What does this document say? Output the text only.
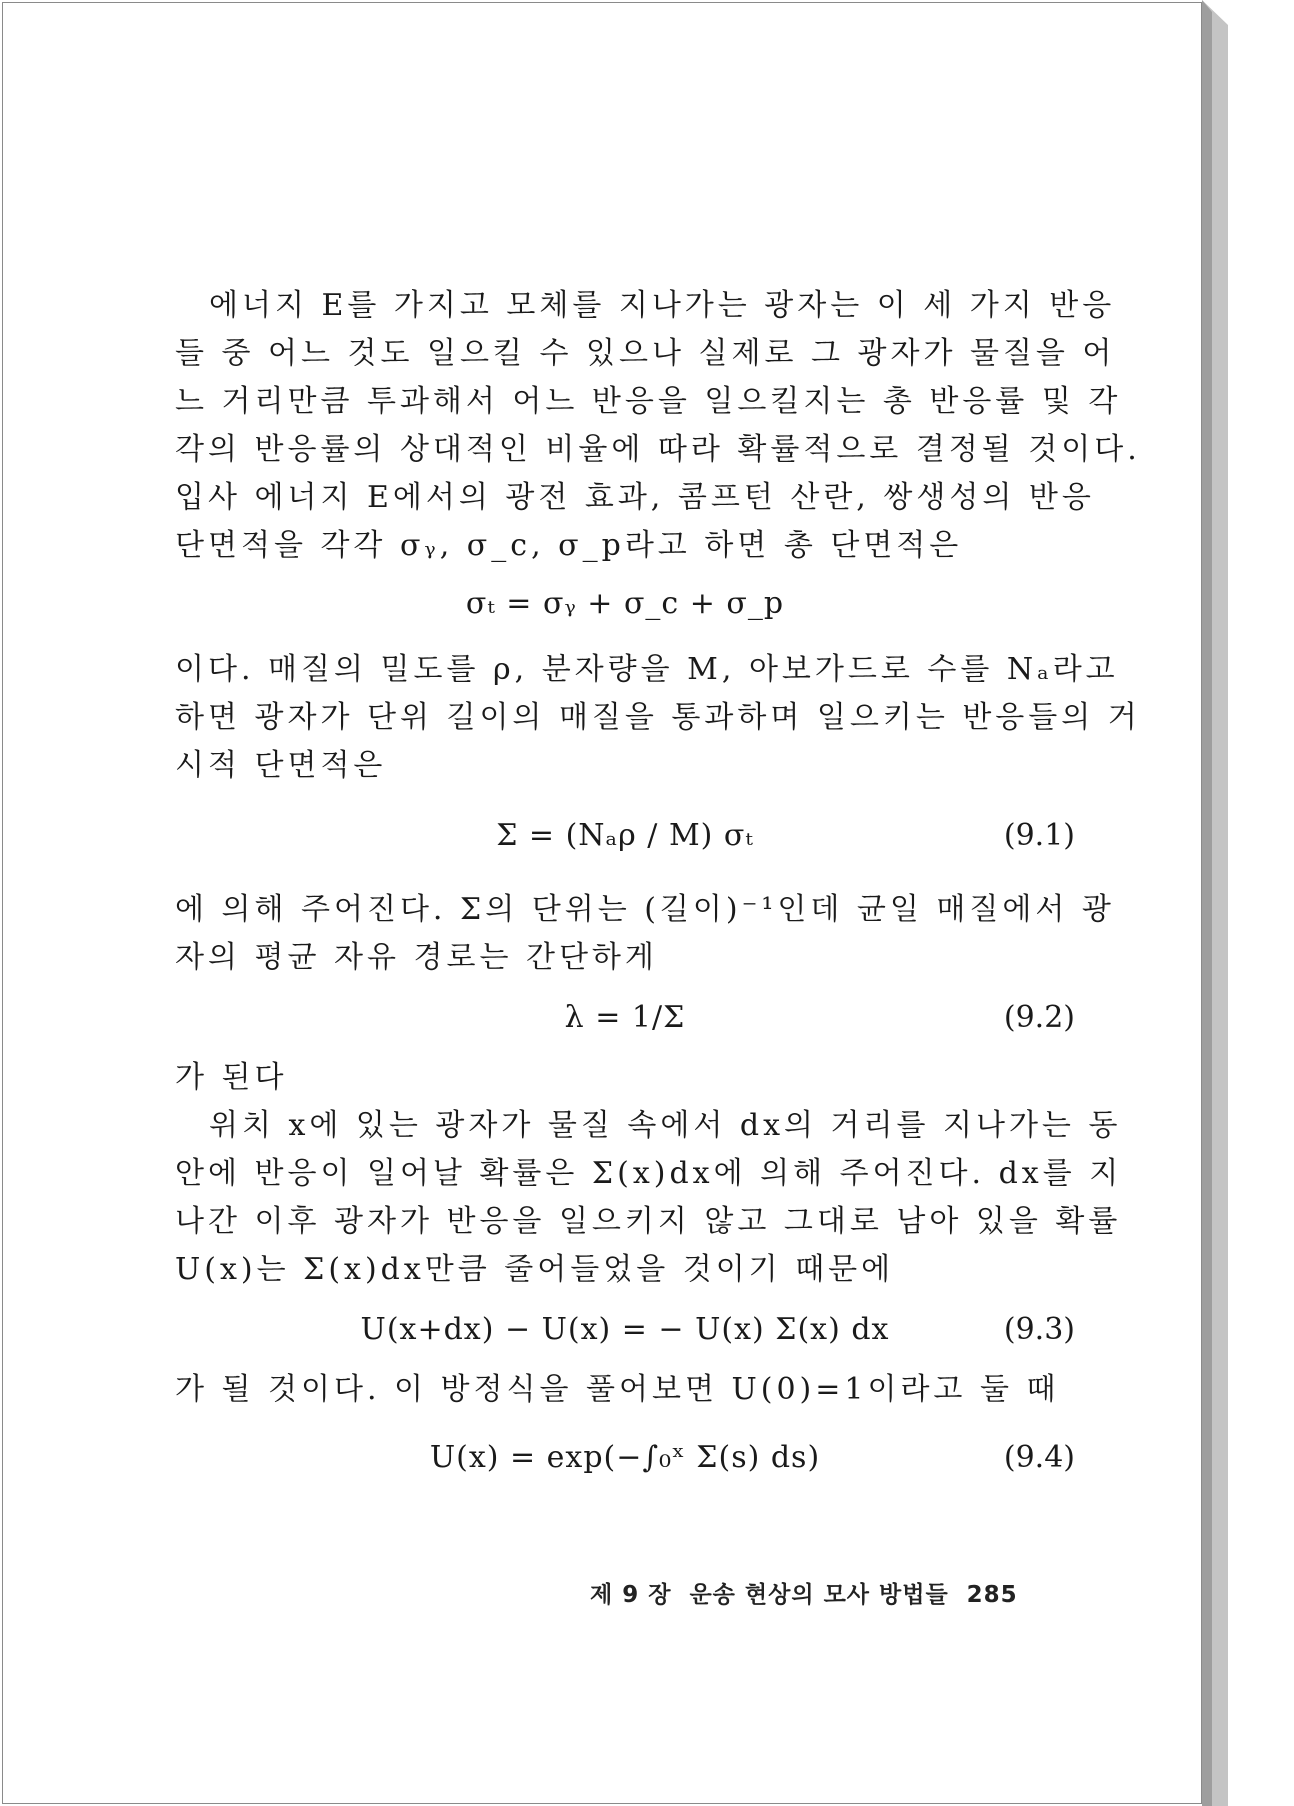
에너지 E를 가지고 모체를 지나가는 광자는 이 세 가지 반응
들 중 어느 것도 일으킬 수 있으나 실제로 그 광자가 물질을 어
느 거리만큼 투과해서 어느 반응을 일으킬지는 총 반응률 및 각
각의 반응률의 상대적인 비율에 따라 확률적으로 결정될 것이다.
입사 에너지 E에서의 광전 효과, 콤프턴 산란, 쌍생성의 반응
단면적을 각각 σᵧ, σ_c, σ_p라고 하면 총 단면적은
σₜ = σᵧ + σ_c + σ_p
이다. 매질의 밀도를 ρ, 분자량을 M, 아보가드로 수를 Nₐ라고
하면 광자가 단위 길이의 매질을 통과하며 일으키는 반응들의 거
시적 단면적은
Σ = (Nₐρ / M) σₜ	(9.1)
에 의해 주어진다. Σ의 단위는 (길이)⁻¹인데 균일 매질에서 광
자의 평균 자유 경로는 간단하게
λ = 1/Σ	(9.2)
가 된다
위치 x에 있는 광자가 물질 속에서 dx의 거리를 지나가는 동
안에 반응이 일어날 확률은 Σ(x)dx에 의해 주어진다. dx를 지
나간 이후 광자가 반응을 일으키지 않고 그대로 남아 있을 확률
U(x)는 Σ(x)dx만큼 줄어들었을 것이기 때문에
U(x+dx) − U(x) = − U(x) Σ(x) dx	(9.3)
가 될 것이다. 이 방정식을 풀어보면 U(0)=1이라고 둘 때
U(x) = exp(−∫₀ˣ Σ(s) ds)	(9.4)
제 9 장 운송 현상의 모사 방법들 285
